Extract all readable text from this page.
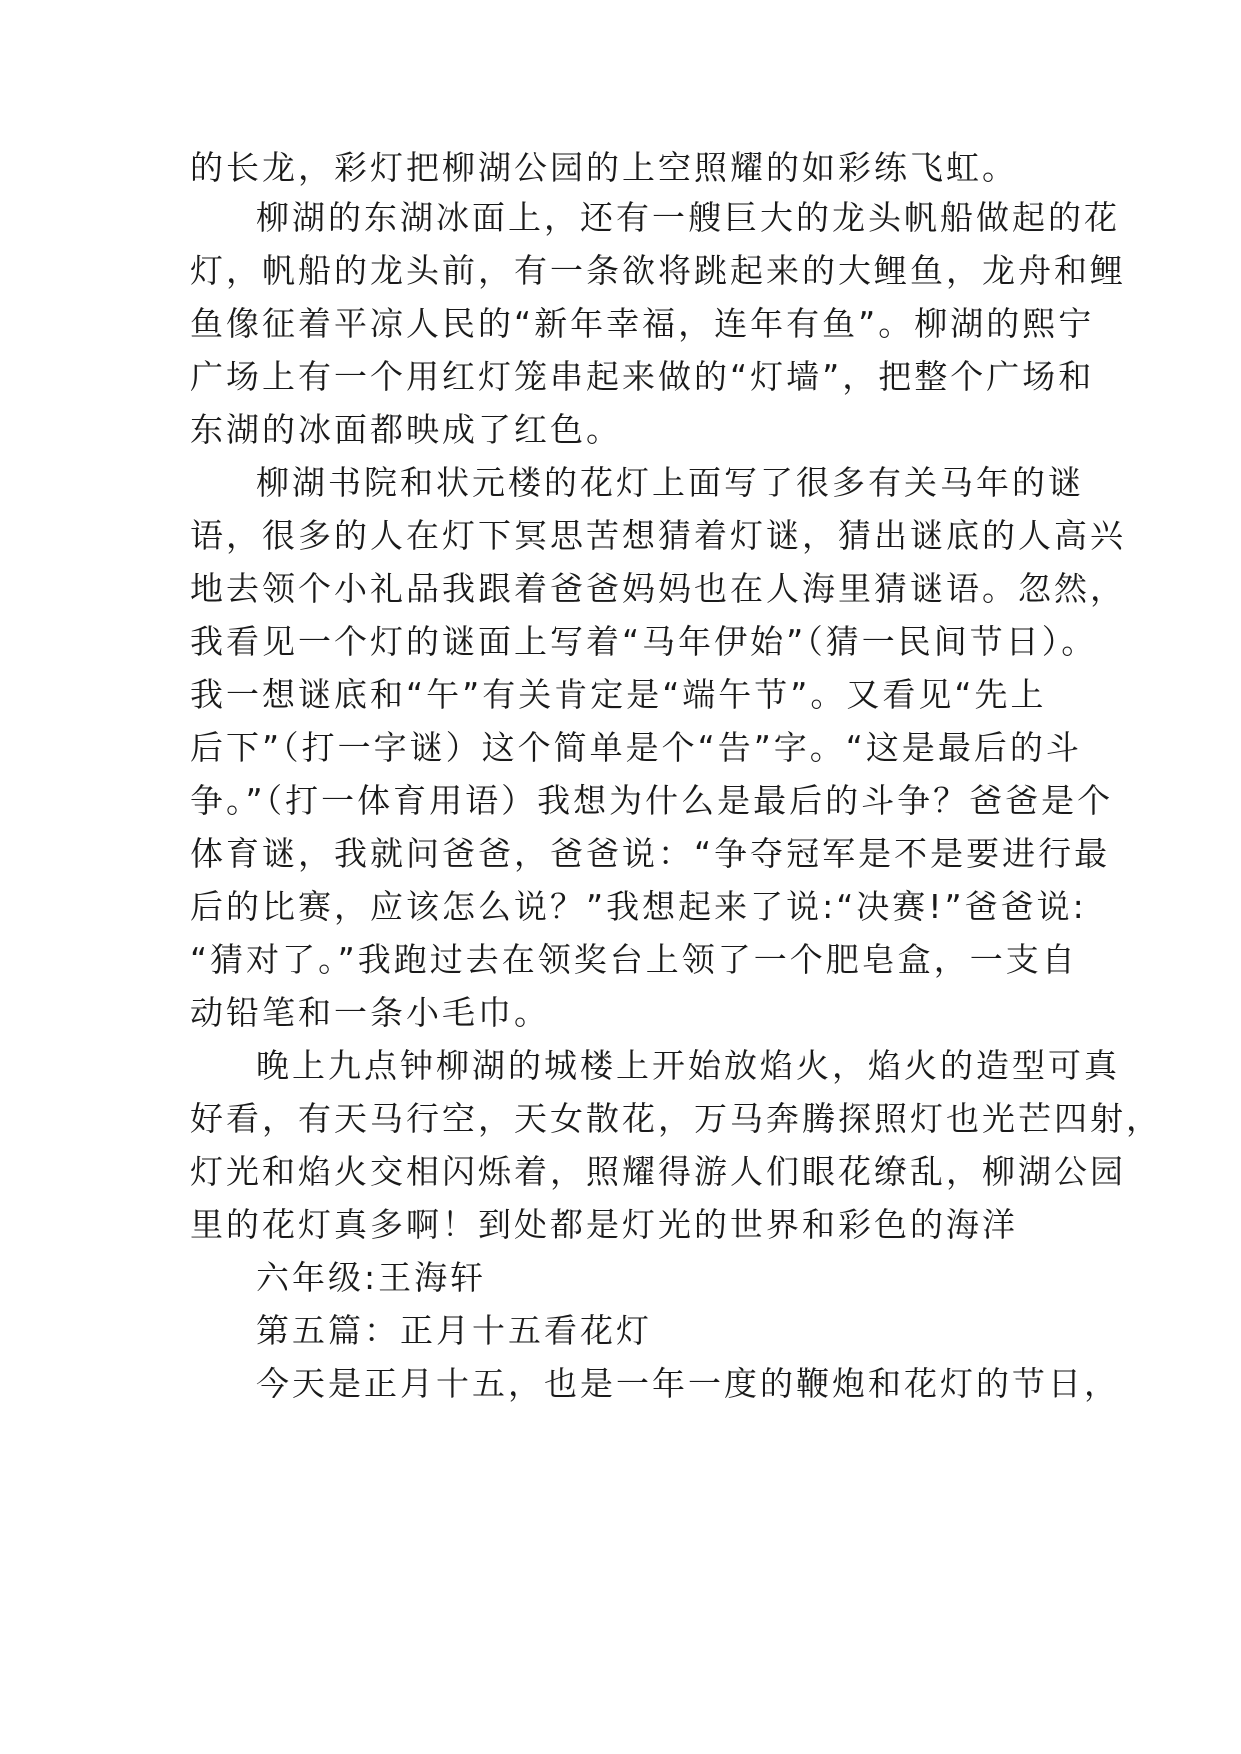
的长龙，彩灯把柳湖公园的上空照耀的如彩练飞虹。
柳湖的东湖冰面上，还有一艘巨大的龙头帆船做起的花
灯，帆船的龙头前，有一条欲将跳起来的大鲤鱼，龙舟和鲤
鱼像征着平凉人民的“新年幸福，连年有鱼”。柳湖的熙宁
广场上有一个用红灯笼串起来做的“灯墙”，把整个广场和
东湖的冰面都映成了红色。
柳湖书院和状元楼的花灯上面写了很多有关马年的谜
语，很多的人在灯下冥思苦想猜着灯谜，猜出谜底的人高兴
地去领个小礼品我跟着爸爸妈妈也在人海里猜谜语。忽然，
我看见一个灯的谜面上写着“马年伊始”（猜一民间节日）。
我一想谜底和“午”有关肯定是“端午节”。又看见“先上
后下”（打一字谜）这个简单是个“告”字。“这是最后的斗
争。”（打一体育用语）我想为什么是最后的斗争？爸爸是个
体育谜，我就问爸爸，爸爸说：“争夺冠军是不是要进行最
后的比赛，应该怎么说？”我想起来了说:“决赛!”爸爸说:
“猜对了。”我跑过去在领奖台上领了一个肥皂盒，一支自
动铅笔和一条小毛巾。
晚上九点钟柳湖的城楼上开始放焰火，焰火的造型可真
好看，有天马行空，天女散花，万马奔腾探照灯也光芒四射，
灯光和焰火交相闪烁着，照耀得游人们眼花缭乱，柳湖公园
里的花灯真多啊！到处都是灯光的世界和彩色的海洋
六年级:王海轩
第五篇：正月十五看花灯
今天是正月十五，也是一年一度的鞭炮和花灯的节日，
